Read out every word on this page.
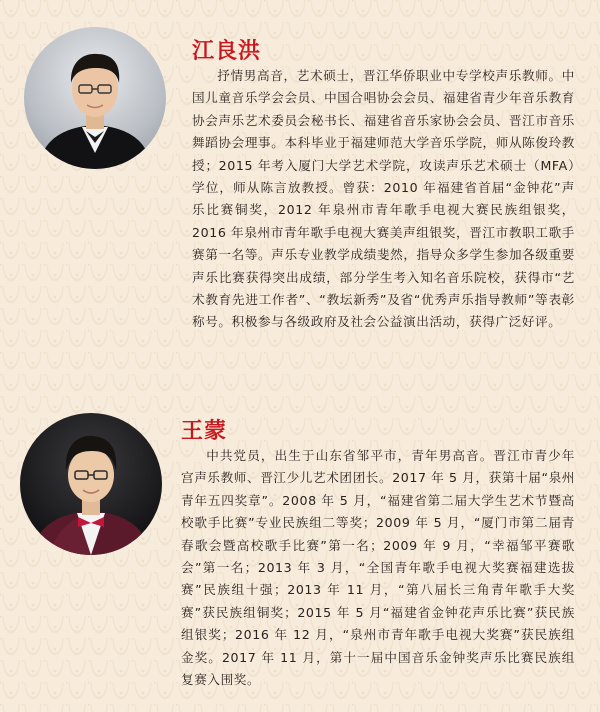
江良洪

抒情男高音，艺术硕士，晋江华侨职业中专学校声乐教师。中国儿童音乐学会会员、中国合唱协会会员、福建省青少年音乐教育协会声乐艺术委员会秘书长、福建省音乐家协会会员、晋江市音乐舞蹈协会理事。本科毕业于福建师范大学音乐学院，师从陈俊玲教授；2015 年考入厦门大学艺术学院，攻读声乐艺术硕士（MFA）学位，师从陈言放教授。曾获：2010 年福建省首届“金钟花”声乐比赛铜奖，2012 年泉州市青年歌手电视大赛民族组银奖，2016 年泉州市青年歌手电视大赛美声组银奖，晋江市教职工歌手赛第一名等。声乐专业教学成绩斐然，指导众多学生参加各级重要声乐比赛获得突出成绩，部分学生考入知名音乐院校，获得市“艺术教育先进工作者”、“教坛新秀”及省“优秀声乐指导教师”等表彰称号。积极参与各级政府及社会公益演出活动，获得广泛好评。

王蒙

中共党员，出生于山东省邹平市，青年男高音。晋江市青少年宫声乐教师、晋江少儿艺术团团长。2017 年 5 月，获第十届“泉州青年五四奖章”。2008 年 5 月，“福建省第二届大学生艺术节暨高校歌手比赛”专业民族组二等奖；2009 年 5 月，“厦门市第二届青春歌会暨高校歌手比赛”第一名；2009 年 9 月，“幸福邹平赛歌会”第一名；2013 年 3 月，“全国青年歌手电视大奖赛福建选拔赛”民族组十强；2013 年 11 月，“第八届长三角青年歌手大奖赛”获民族组铜奖；2015 年 5 月“福建省金钟花声乐比赛”获民族组银奖；2016 年 12 月，“泉州市青年歌手电视大奖赛”获民族组金奖。2017 年 11 月，第十一届中国音乐金钟奖声乐比赛民族组复赛入围奖。
